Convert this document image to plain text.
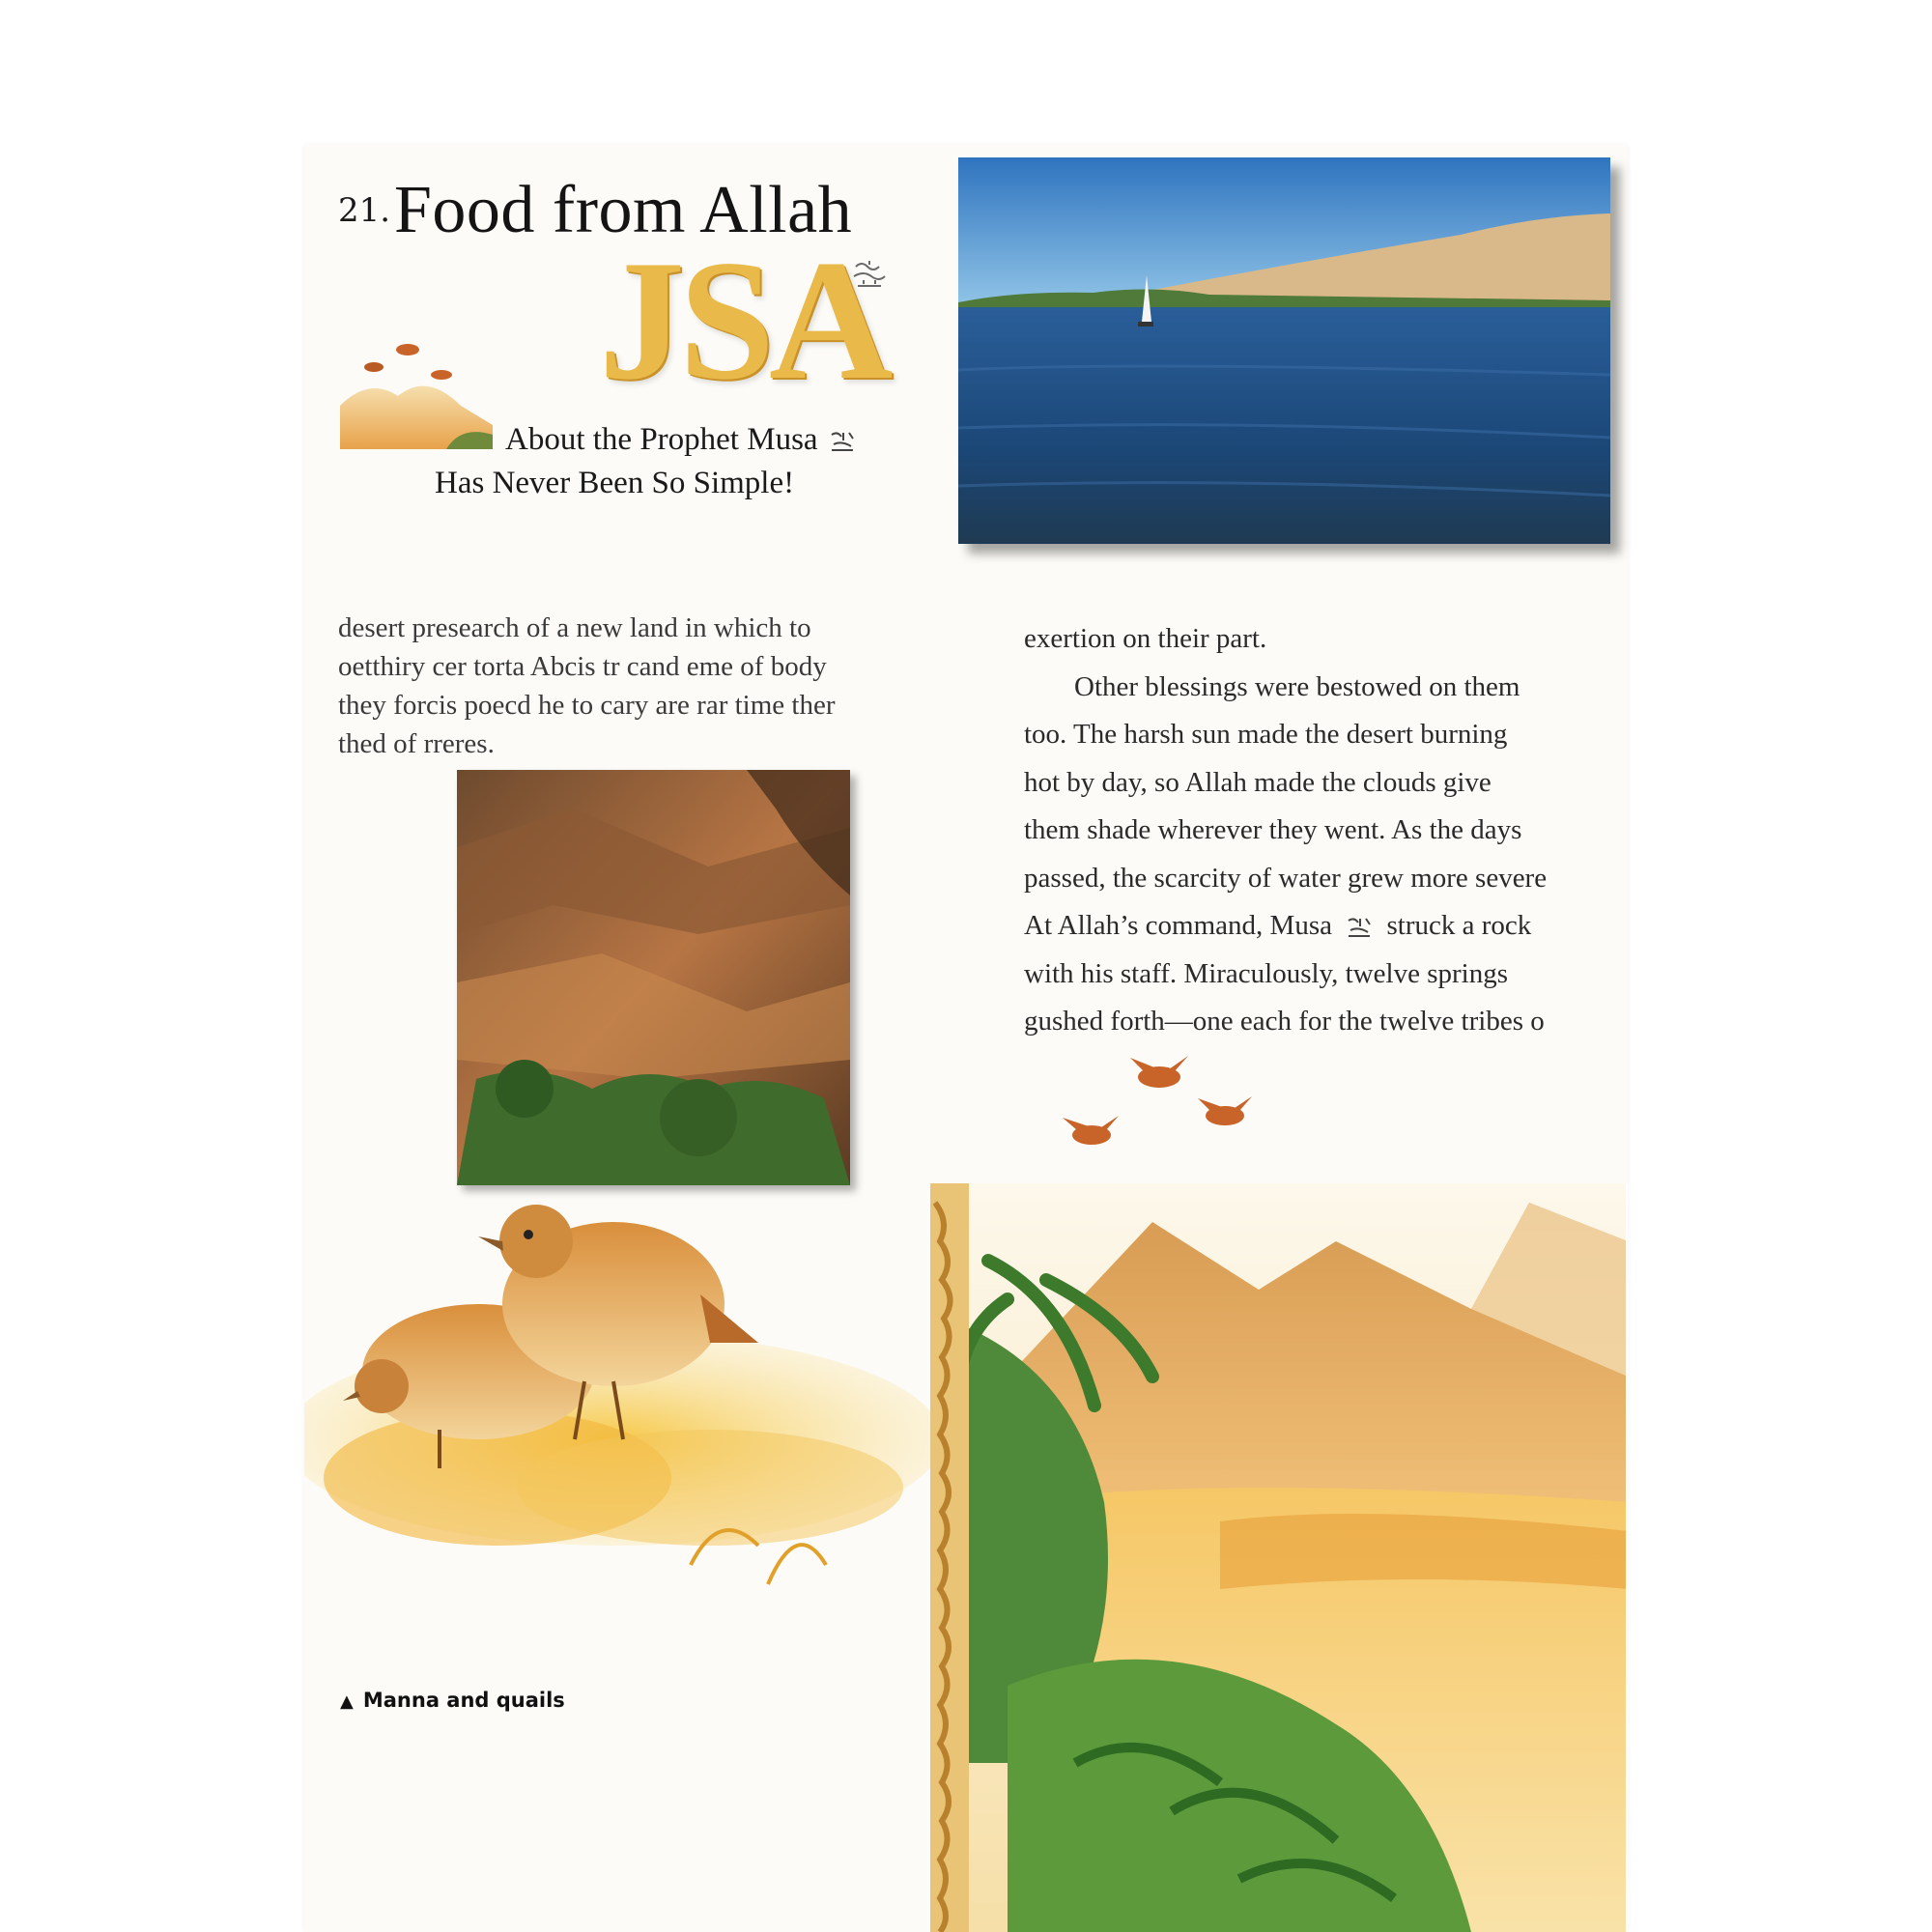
21. Food from Allah
JSA
About the Prophet Musa
Has Never Been So Simple!
desert presearch of a new land in which to
oetthiry cer torta Abcis tr cand eme of body
they forcis poecd he to cary are rar time ther
thed of rreres.
exertion on their part.
Other blessings were bestowed on them
too. The harsh sun made the desert burning
hot by day, so Allah made the clouds give
them shade wherever they went. As the days
passed, the scarcity of water grew more severe
At Allah’s command, Musa struck a rock
with his staff. Miraculously, twelve springs
gushed forth—one each for the twelve tribes o
▲ Manna and quails
